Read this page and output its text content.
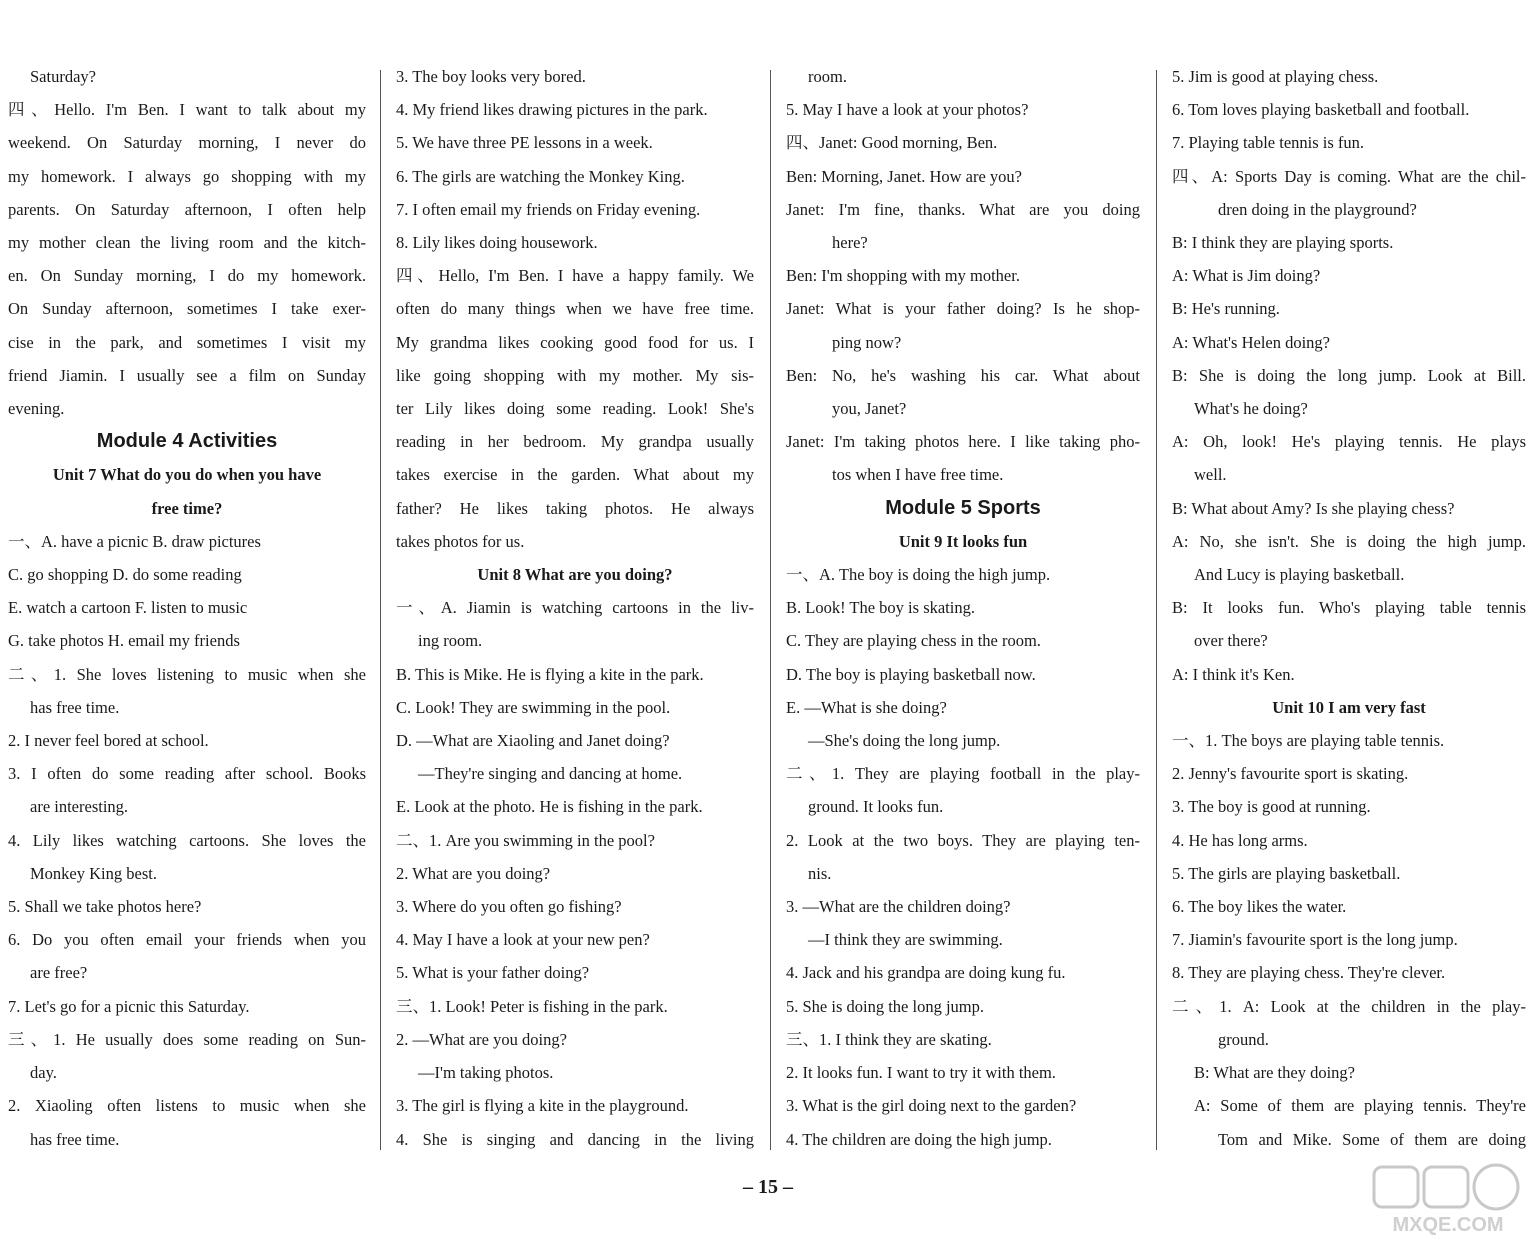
Saturday?
四、Hello. I'm Ben. I want to talk about my
weekend. On Saturday morning, I never do
my homework. I always go shopping with my
parents. On Saturday afternoon, I often help
my mother clean the living room and the kitch-
en. On Sunday morning, I do my homework.
On Sunday afternoon, sometimes I take exer-
cise in the park, and sometimes I visit my
friend Jiamin. I usually see a film on Sunday
evening.
Module 4 Activities
Unit 7 What do you do when you have
free time?
一、A. have a picnic B. draw pictures
C. go shopping D. do some reading
E. watch a cartoon F. listen to music
G. take photos H. email my friends
二、1. She loves listening to music when she
has free time.
2. I never feel bored at school.
3. I often do some reading after school. Books
are interesting.
4. Lily likes watching cartoons. She loves the
Monkey King best.
5. Shall we take photos here?
6. Do you often email your friends when you
are free?
7. Let's go for a picnic this Saturday.
三、1. He usually does some reading on Sun-
day.
2. Xiaoling often listens to music when she
has free time.
3. The boy looks very bored.
4. My friend likes drawing pictures in the park.
5. We have three PE lessons in a week.
6. The girls are watching the Monkey King.
7. I often email my friends on Friday evening.
8. Lily likes doing housework.
四、Hello, I'm Ben. I have a happy family. We
often do many things when we have free time.
My grandma likes cooking good food for us. I
like going shopping with my mother. My sis-
ter Lily likes doing some reading. Look! She's
reading in her bedroom. My grandpa usually
takes exercise in the garden. What about my
father? He likes taking photos. He always
takes photos for us.
Unit 8 What are you doing?
一、A. Jiamin is watching cartoons in the liv-
ing room.
B. This is Mike. He is flying a kite in the park.
C. Look! They are swimming in the pool.
D. —What are Xiaoling and Janet doing?
—They're singing and dancing at home.
E. Look at the photo. He is fishing in the park.
二、1. Are you swimming in the pool?
2. What are you doing?
3. Where do you often go fishing?
4. May I have a look at your new pen?
5. What is your father doing?
三、1. Look! Peter is fishing in the park.
2. —What are you doing?
—I'm taking photos.
3. The girl is flying a kite in the playground.
4. She is singing and dancing in the living
room.
5. May I have a look at your photos?
四、Janet: Good morning, Ben.
Ben: Morning, Janet. How are you?
Janet: I'm fine, thanks. What are you doing
here?
Ben: I'm shopping with my mother.
Janet: What is your father doing? Is he shop-
ping now?
Ben: No, he's washing his car. What about
you, Janet?
Janet: I'm taking photos here. I like taking pho-
tos when I have free time.
Module 5 Sports
Unit 9 It looks fun
一、A. The boy is doing the high jump.
B. Look! The boy is skating.
C. They are playing chess in the room.
D. The boy is playing basketball now.
E. —What is she doing?
—She's doing the long jump.
二、1. They are playing football in the play-
ground. It looks fun.
2. Look at the two boys. They are playing ten-
nis.
3. —What are the children doing?
—I think they are swimming.
4. Jack and his grandpa are doing kung fu.
5. She is doing the long jump.
三、1. I think they are skating.
2. It looks fun. I want to try it with them.
3. What is the girl doing next to the garden?
4. The children are doing the high jump.
5. Jim is good at playing chess.
6. Tom loves playing basketball and football.
7. Playing table tennis is fun.
四、A: Sports Day is coming. What are the chil-
dren doing in the playground?
B: I think they are playing sports.
A: What is Jim doing?
B: He's running.
A: What's Helen doing?
B: She is doing the long jump. Look at Bill.
What's he doing?
A: Oh, look! He's playing tennis. He plays
well.
B: What about Amy? Is she playing chess?
A: No, she isn't. She is doing the high jump.
And Lucy is playing basketball.
B: It looks fun. Who's playing table tennis
over there?
A: I think it's Ken.
Unit 10 I am very fast
一、1. The boys are playing table tennis.
2. Jenny's favourite sport is skating.
3. The boy is good at running.
4. He has long arms.
5. The girls are playing basketball.
6. The boy likes the water.
7. Jiamin's favourite sport is the long jump.
8. They are playing chess. They're clever.
二、1. A: Look at the children in the play-
ground.
B: What are they doing?
A: Some of them are playing tennis. They're
Tom and Mike. Some of them are doing
– 15 –
MXQE.COM
